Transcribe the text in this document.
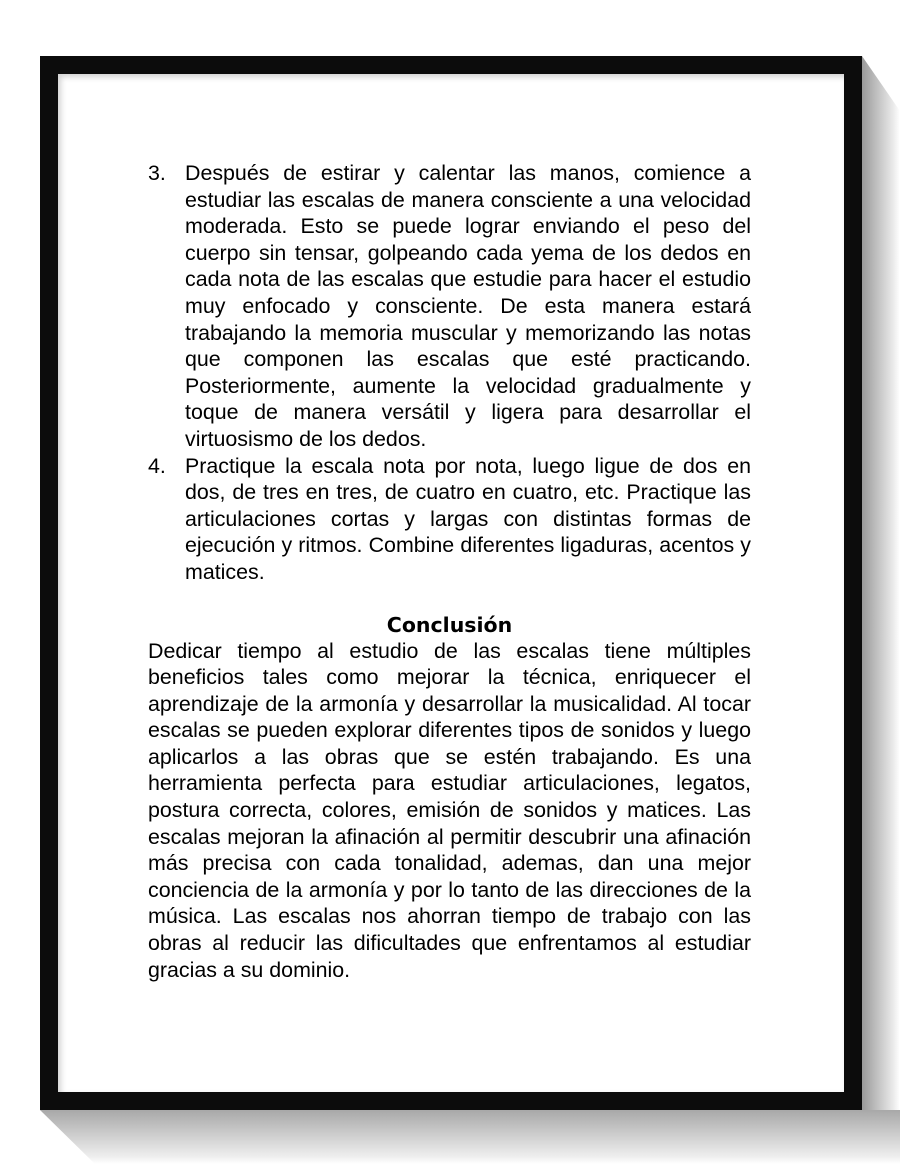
3. Después de estirar y calentar las manos, comience a estudiar las escalas de manera consciente a una velocidad moderada. Esto se puede lograr enviando el peso del cuerpo sin tensar, golpeando cada yema de los dedos en cada nota de las escalas que estudie para hacer el estudio muy enfocado y consciente. De esta manera estará trabajando la memoria muscular y memorizando las notas que componen las escalas que esté practicando. Posteriormente, aumente la velocidad gradualmente y toque de manera versátil y ligera para desarrollar el virtuosismo de los dedos.
4. Practique la escala nota por nota, luego ligue de dos en dos, de tres en tres, de cuatro en cuatro, etc. Practique las articulaciones cortas y largas con distintas formas de ejecución y ritmos. Combine diferentes ligaduras, acentos y matices.
Conclusión

Dedicar tiempo al estudio de las escalas tiene múltiples beneficios tales como mejorar la técnica, enriquecer el aprendizaje de la armonía y desarrollar la musicalidad. Al tocar escalas se pueden explorar diferentes tipos de sonidos y luego aplicarlos a las obras que se estén trabajando. Es una herramienta perfecta para estudiar articulaciones, legatos, postura correcta, colores, emisión de sonidos y matices. Las escalas mejoran la afinación al permitir descubrir una afinación más precisa con cada tonalidad, ademas, dan una mejor conciencia de la armonía y por lo tanto de las direcciones de la música. Las escalas nos ahorran tiempo de trabajo con las obras al reducir las dificultades que enfrentamos al estudiar gracias a su dominio.
